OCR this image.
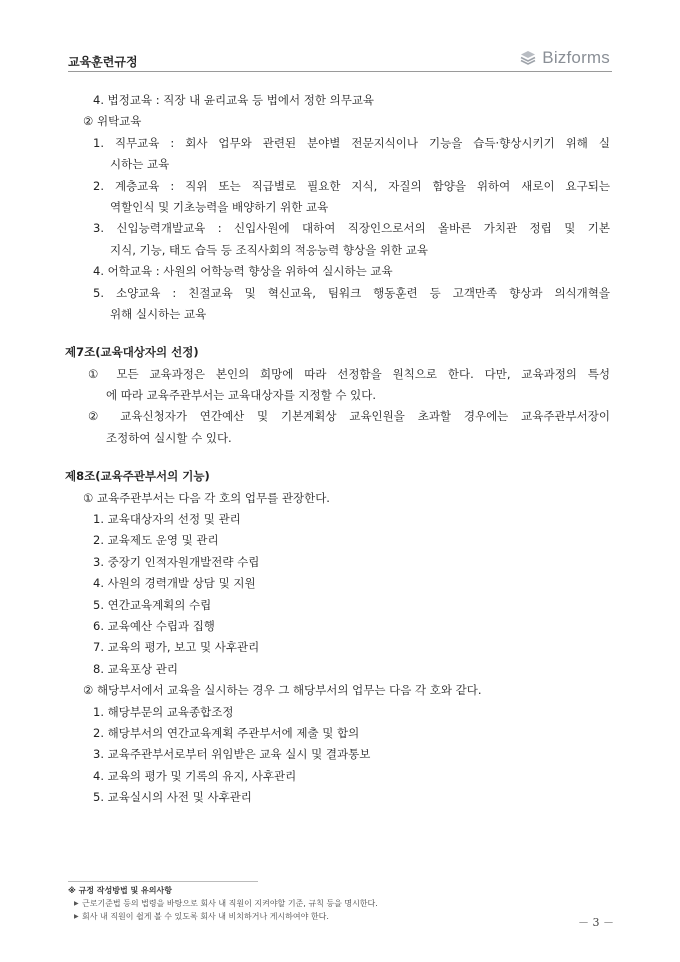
교육훈련규정	Bizforms
4. 법정교육 : 직장 내 윤리교육 등 법에서 정한 의무교육
② 위탁교육
1. 직무교육 : 회사 업무와 관련된 분야별 전문지식이나 기능을 습득·향상시키기 위해 실
시하는 교육
2. 계층교육 : 직위 또는 직급별로 필요한 지식, 자질의 함양을 위하여 새로이 요구되는
역할인식 및 기초능력을 배양하기 위한 교육
3. 신입능력개발교육 : 신입사원에 대하여 직장인으로서의 올바른 가치관 정립 및 기본
지식, 기능, 태도 습득 등 조직사회의 적응능력 향상을 위한 교육
4. 어학교육 : 사원의 어학능력 향상을 위하여 실시하는 교육
5. 소양교육 : 친절교육 및 혁신교육, 팀워크 행동훈련 등 고객만족 향상과 의식개혁을
위해 실시하는 교육
제7조(교육대상자의 선정)
① 모든 교육과정은 본인의 희망에 따라 선정함을 원칙으로 한다. 다만, 교육과정의 특성
에 따라 교육주관부서는 교육대상자를 지정할 수 있다.
② 교육신청자가 연간예산 및 기본계획상 교육인원을 초과할 경우에는 교육주관부서장이
조정하여 실시할 수 있다.
제8조(교육주관부서의 기능)
① 교육주관부서는 다음 각 호의 업무를 관장한다.
1. 교육대상자의 선정 및 관리
2. 교육제도 운영 및 관리
3. 중장기 인적자원개발전략 수립
4. 사원의 경력개발 상담 및 지원
5. 연간교육계획의 수립
6. 교육예산 수립과 집행
7. 교육의 평가, 보고 및 사후관리
8. 교육포상 관리
② 해당부서에서 교육을 실시하는 경우 그 해당부서의 업무는 다음 각 호와 같다.
1. 해당부문의 교육종합조정
2. 해당부서의 연간교육계획 주관부서에 제출 및 합의
3. 교육주관부서로부터 위임받은 교육 실시 및 결과통보
4. 교육의 평가 및 기록의 유지, 사후관리
5. 교육실시의 사전 및 사후관리
※ 규정 작성방법 및 유의사항
▶ 근로기준법 등의 법령을 바탕으로 회사 내 직원이 지켜야할 기준, 규칙 등을 명시한다.
▶ 회사 내 직원이 쉽게 볼 수 있도록 회사 내 비치하거나 게시하여야 한다.	－ 3 －
